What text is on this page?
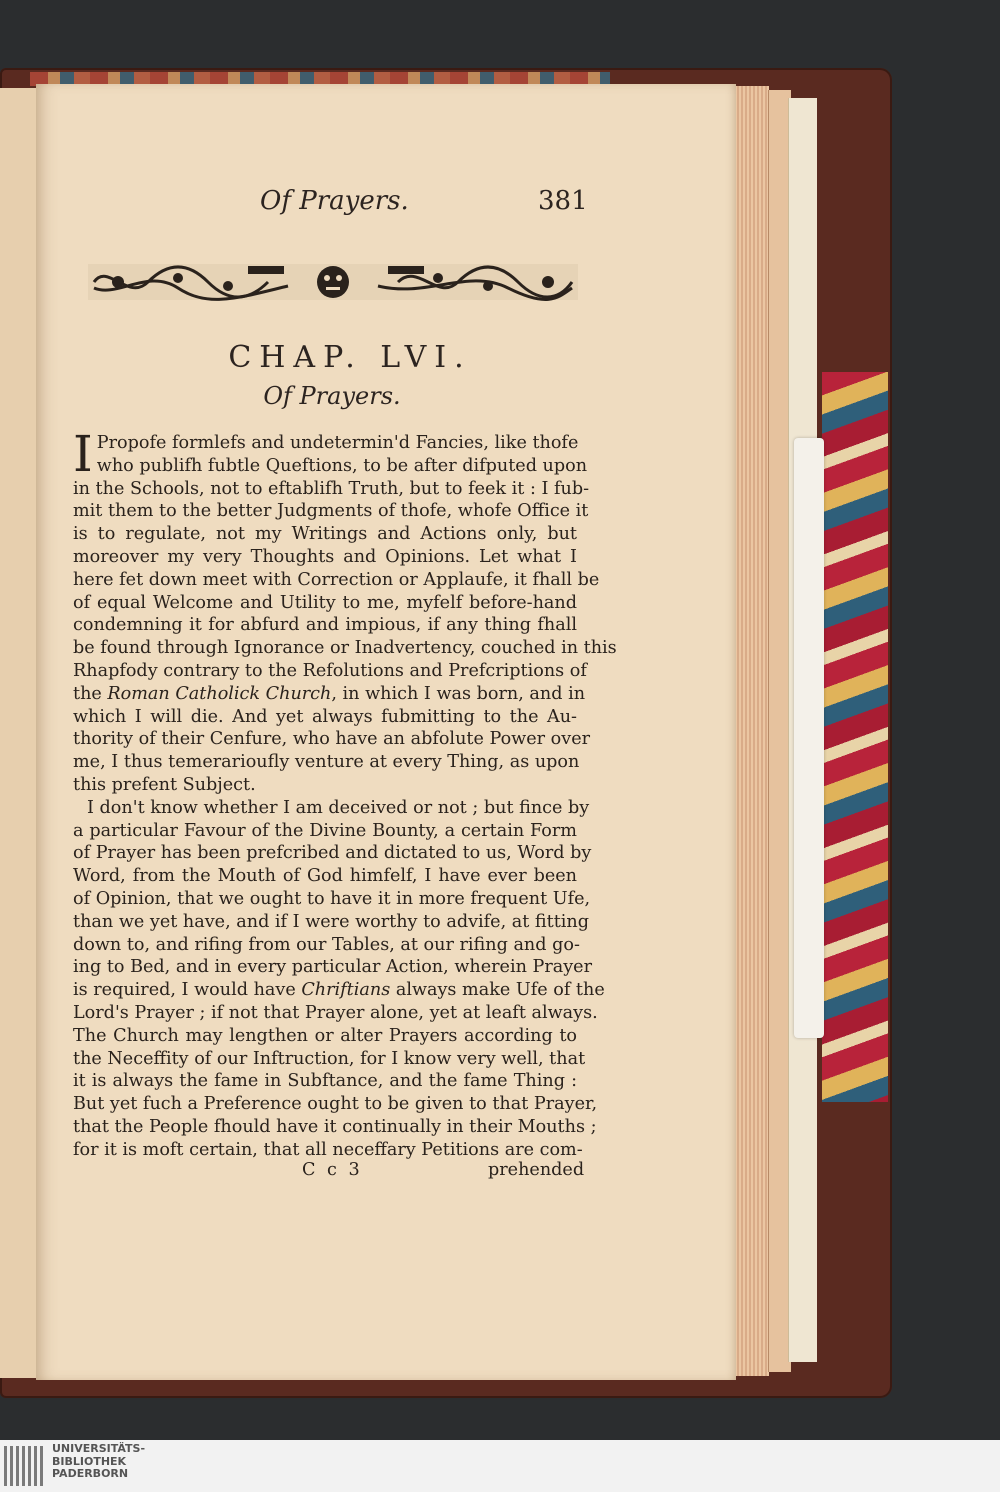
Of Prayers.	381
CHAP. LVI.
Of Prayers.
I Propofe formlefs and undetermin'd Fancies, like thofe
who publifh fubtle Queftions, to be after difputed upon
in the Schools, not to eftablifh Truth, but to feek it : I fub-
mit them to the better Judgments of thofe, whofe Office it
is to regulate, not my Writings and Actions only, but
moreover my very Thoughts and Opinions. Let what I
here fet down meet with Correction or Applaufe, it fhall be
of equal Welcome and Utility to me, myfelf before-hand
condemning it for abfurd and impious, if any thing fhall
be found through Ignorance or Inadvertency, couched in this
Rhapfody contrary to the Refolutions and Prefcriptions of
the Roman Catholick Church, in which I was born, and in
which I will die. And yet always fubmitting to the Au-
thority of their Cenfure, who have an abfolute Power over
me, I thus temerarioufly venture at every Thing, as upon
this prefent Subject.
I don't know whether I am deceived or not ; but fince by
a particular Favour of the Divine Bounty, a certain Form
of Prayer has been prefcribed and dictated to us, Word by
Word, from the Mouth of God himfelf, I have ever been
of Opinion, that we ought to have it in more frequent Ufe,
than we yet have, and if I were worthy to advife, at fitting
down to, and rifing from our Tables, at our rifing and go-
ing to Bed, and in every particular Action, wherein Prayer
is required, I would have Chriftians always make Ufe of the
Lord's Prayer ; if not that Prayer alone, yet at leaft always.
The Church may lengthen or alter Prayers according to
the Neceffity of our Inftruction, for I know very well, that
it is always the fame in Subftance, and the fame Thing :
But yet fuch a Preference ought to be given to that Prayer,
that the People fhould have it continually in their Mouths ;
for it is moft certain, that all neceffary Petitions are com-
C c 3	prehended
UNIVERSITÄTS-
BIBLIOTHEK
PADERBORN
